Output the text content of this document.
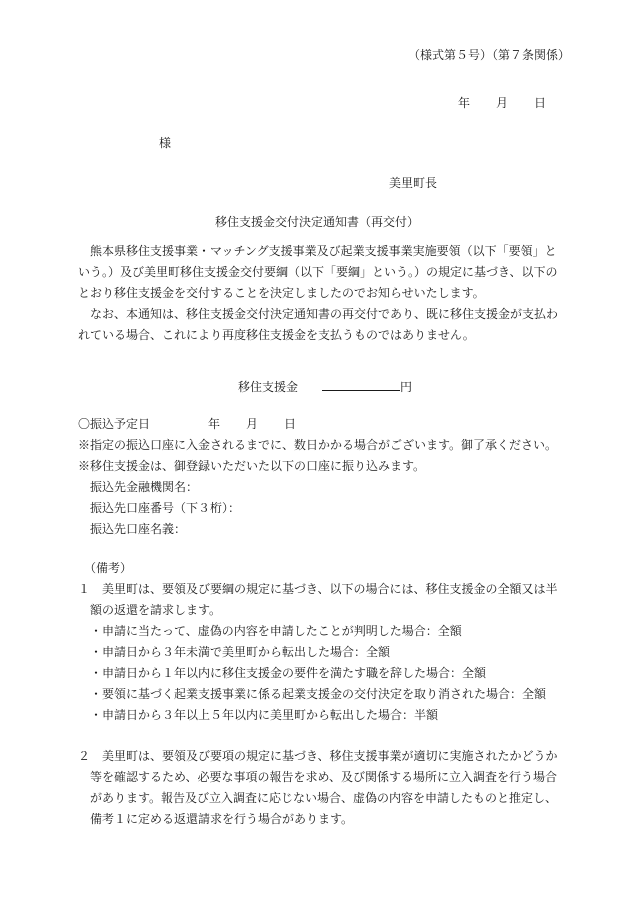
（様式第５号）（第７条関係）
年 月 日
様
美里町長
移住支援金交付決定通知書（再交付）
熊本県移住支援事業・マッチング支援事業及び起業支援事業実施要領（以下「要領」と
いう。）及び美里町移住支援金交付要綱（以下「要綱」という。）の規定に基づき、以下の
とおり移住支援金を交付することを決定しましたのでお知らせいたします。
なお、本通知は、移住支援金交付決定通知書の再交付であり、既に移住支援金が支払わ
れている場合、これにより再度移住支援金を支払うものではありません。
移住支援金	円
〇振込予定日	年 月 日
※指定の振込口座に入金されるまでに、数日かかる場合がございます。御了承ください。
※移住支援金は、御登録いただいた以下の口座に振り込みます。
振込先金融機関名：
振込先口座番号（下３桁）：
振込先口座名義：
（備考）
１ 美里町は、要領及び要綱の規定に基づき、以下の場合には、移住支援金の全額又は半
額の返還を請求します。
・申請に当たって、虚偽の内容を申請したことが判明した場合：全額
・申請日から３年未満で美里町から転出した場合：全額
・申請日から１年以内に移住支援金の要件を満たす職を辞した場合：全額
・要領に基づく起業支援事業に係る起業支援金の交付決定を取り消された場合：全額
・申請日から３年以上５年以内に美里町から転出した場合：半額
２ 美里町は、要領及び要項の規定に基づき、移住支援事業が適切に実施されたかどうか
等を確認するため、必要な事項の報告を求め、及び関係する場所に立入調査を行う場合
があります。報告及び立入調査に応じない場合、虚偽の内容を申請したものと推定し、
備考１に定める返還請求を行う場合があります。
